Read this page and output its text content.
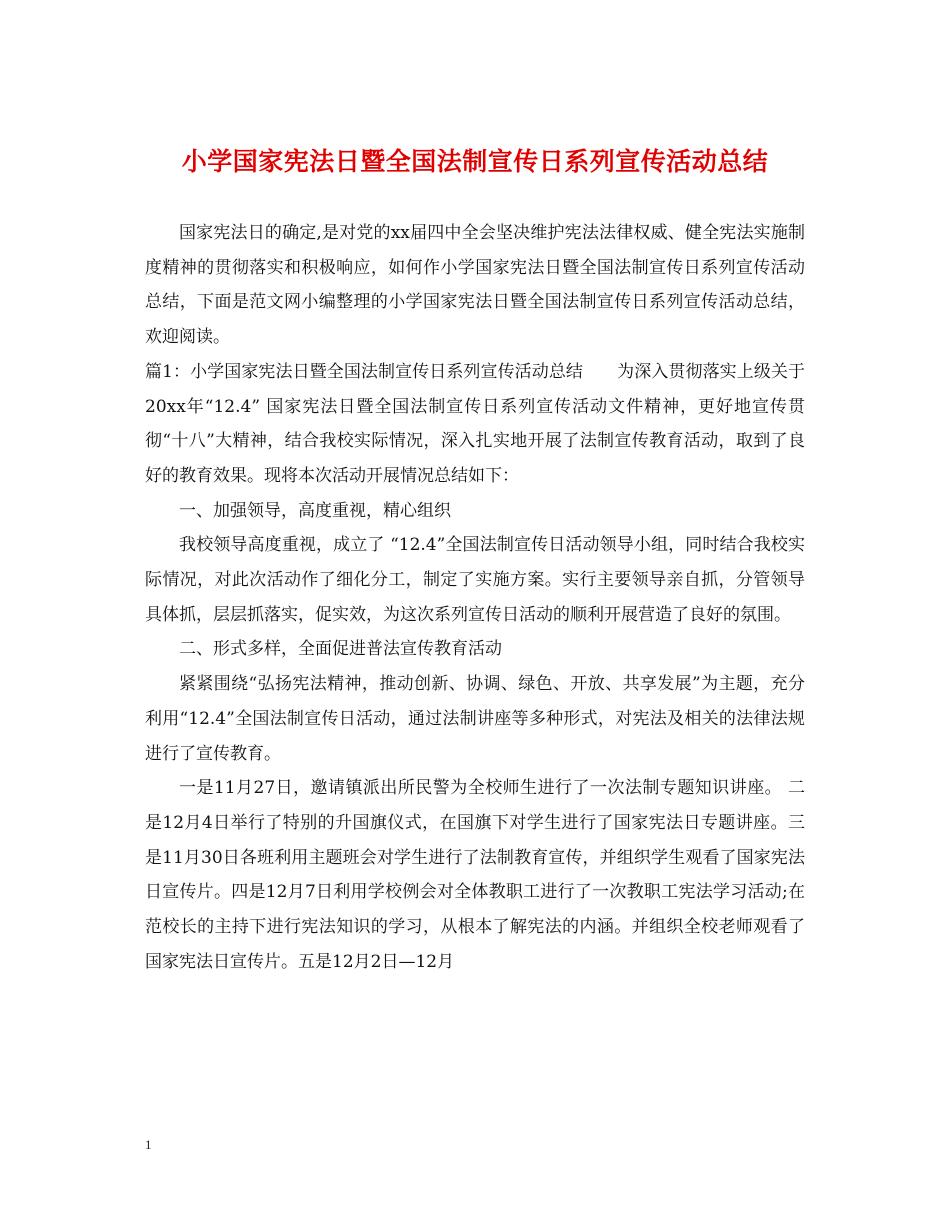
小学国家宪法日暨全国法制宣传日系列宣传活动总结

国家宪法日的确定,是对党的xx届四中全会坚决维护宪法法律权威、健全宪法实施制度精神的贯彻落实和积极响应，如何作小学国家宪法日暨全国法制宣传日系列宣传活动总结，下面是范文网小编整理的小学国家宪法日暨全国法制宣传日系列宣传活动总结，欢迎阅读。

篇1：小学国家宪法日暨全国法制宣传日系列宣传活动总结　　为深入贯彻落实上级关于20xx年“12.4” 国家宪法日暨全国法制宣传日系列宣传活动文件精神，更好地宣传贯彻“十八”大精神，结合我校实际情况，深入扎实地开展了法制宣传教育活动，取到了良好的教育效果。现将本次活动开展情况总结如下：

一、加强领导，高度重视，精心组织

我校领导高度重视，成立了 “12.4”全国法制宣传日活动领导小组，同时结合我校实际情况，对此次活动作了细化分工，制定了实施方案。实行主要领导亲自抓，分管领导具体抓，层层抓落实，促实效，为这次系列宣传日活动的顺利开展营造了良好的氛围。

二、形式多样，全面促进普法宣传教育活动

紧紧围绕“弘扬宪法精神，推动创新、协调、绿色、开放、共享发展”为主题，充分利用“12.4”全国法制宣传日活动，通过法制讲座等多种形式，对宪法及相关的法律法规进行了宣传教育。

一是11月27日，邀请镇派出所民警为全校师生进行了一次法制专题知识讲座。 二是12月4日举行了特别的升国旗仪式，在国旗下对学生进行了国家宪法日专题讲座。三是11月30日各班利用主题班会对学生进行了法制教育宣传，并组织学生观看了国家宪法日宣传片。四是12月7日利用学校例会对全体教职工进行了一次教职工宪法学习活动;在范校长的主持下进行宪法知识的学习，从根本了解宪法的内涵。并组织全校老师观看了国家宪法日宣传片。五是12月2日—12月

1
